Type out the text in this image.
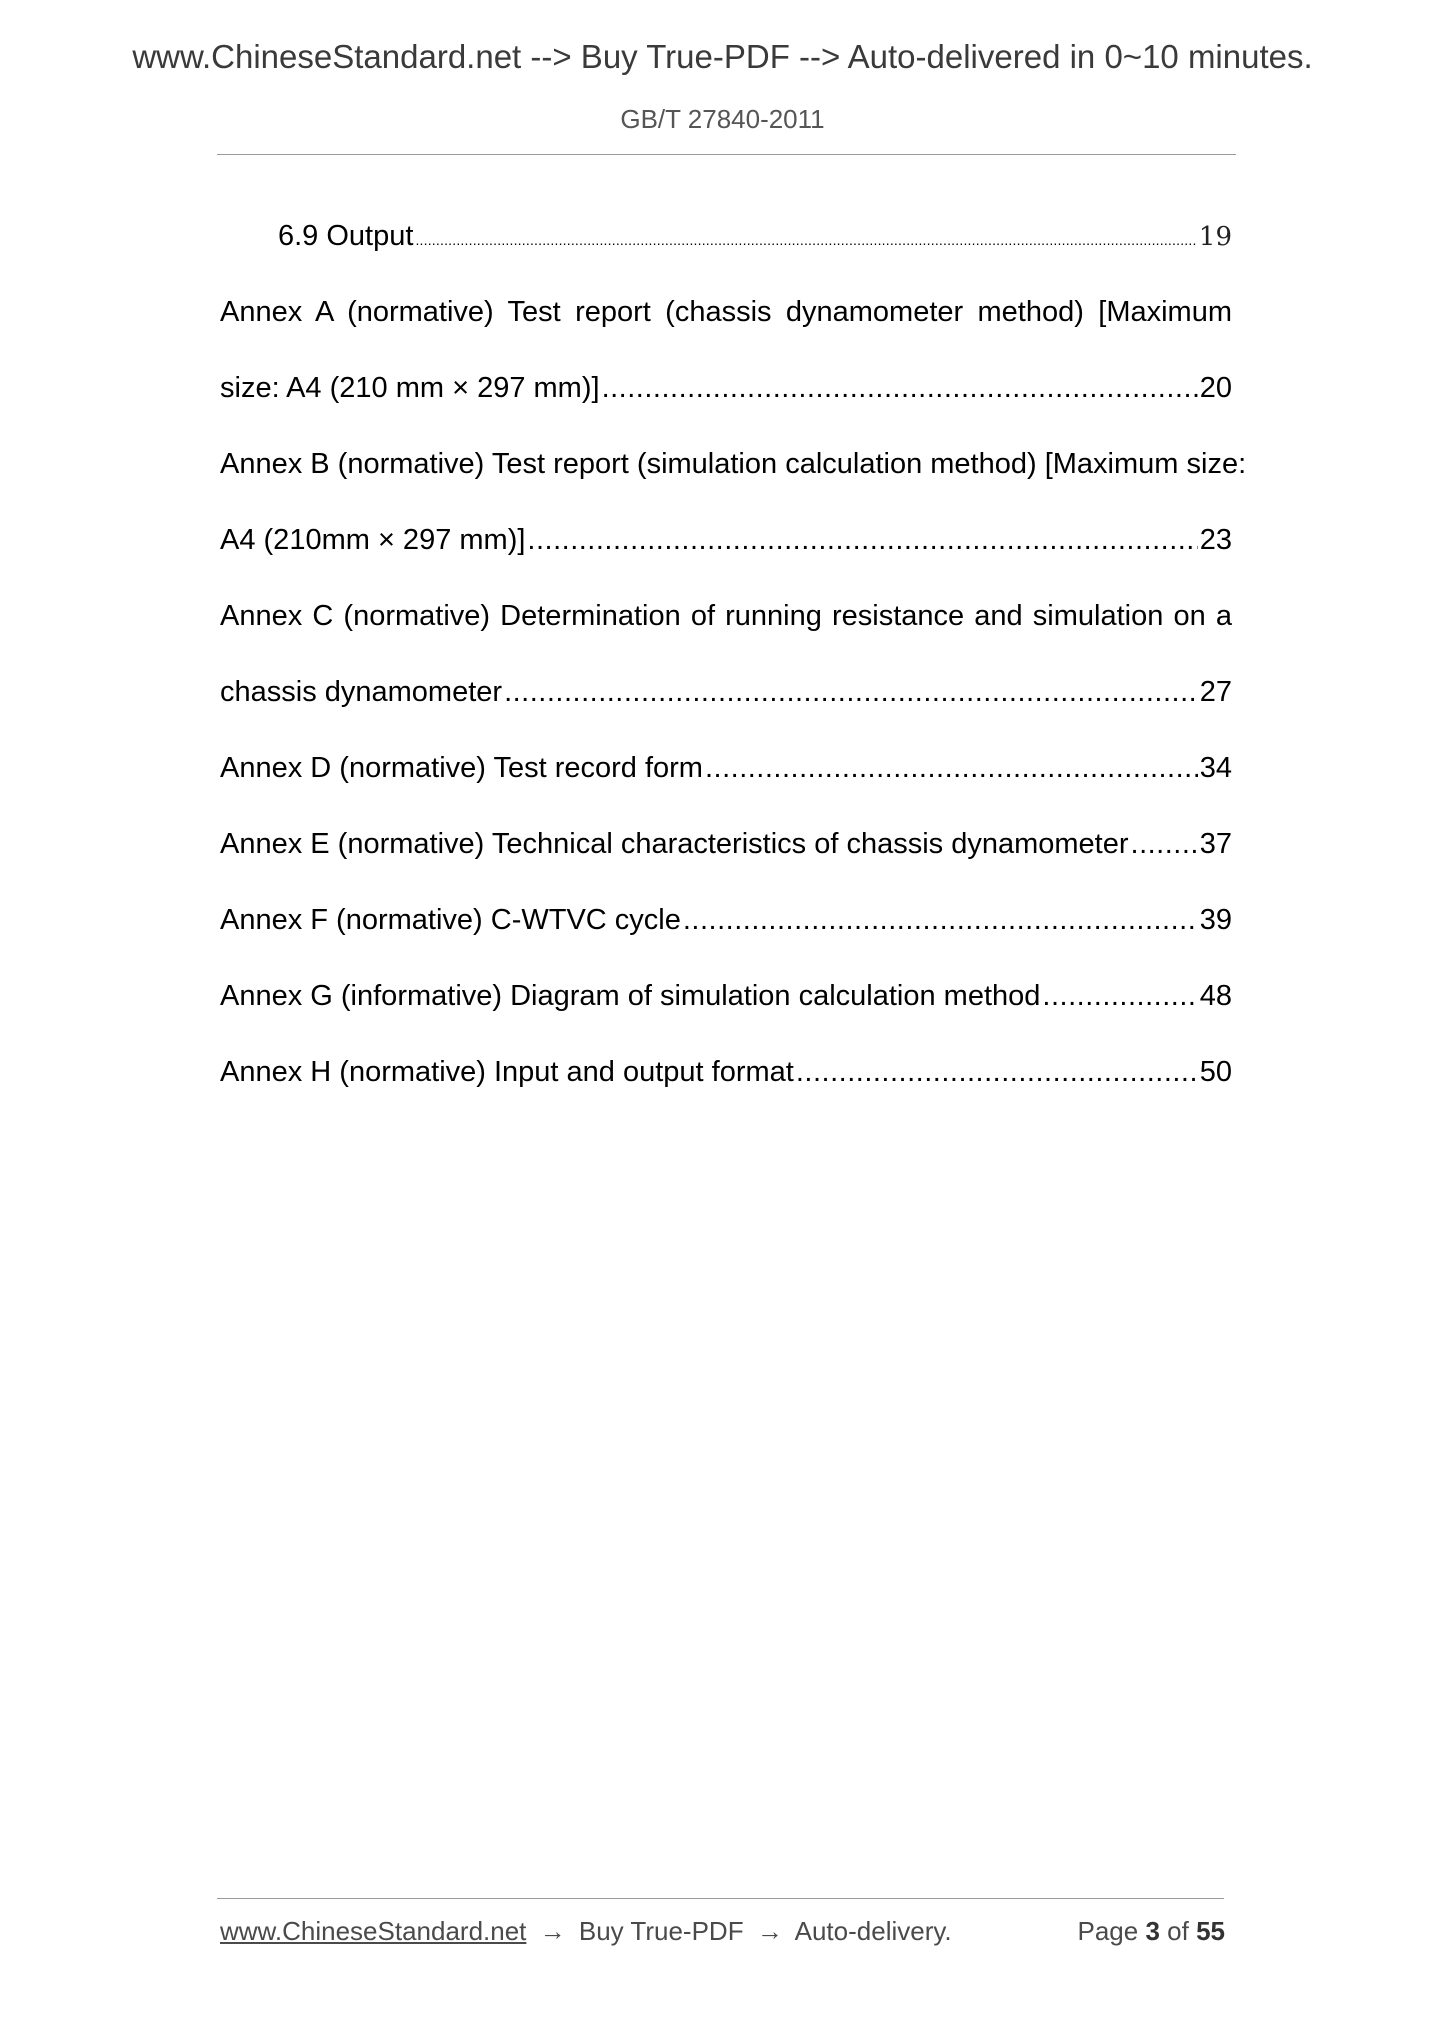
www.ChineseStandard.net --> Buy True-PDF --> Auto-delivered in 0~10 minutes.
GB/T 27840-2011
6.9 Output .....	19
Annex A (normative) Test report (chassis dynamometer method) [Maximum
size: A4 (210 mm × 297 mm)] .....	20
Annex B (normative) Test report (simulation calculation method) [Maximum size:
A4 (210mm × 297 mm)] .....	23
Annex C (normative) Determination of running resistance and simulation on a
chassis dynamometer .....	27
Annex D (normative) Test record form .....	34
Annex E (normative) Technical characteristics of chassis dynamometer ..... 37
Annex F (normative) C-WTVC cycle .....	39
Annex G (informative) Diagram of simulation calculation method .....	48
Annex H (normative) Input and output format .....	50
www.ChineseStandard.net → Buy True-PDF → Auto-delivery.	Page 3 of 55
